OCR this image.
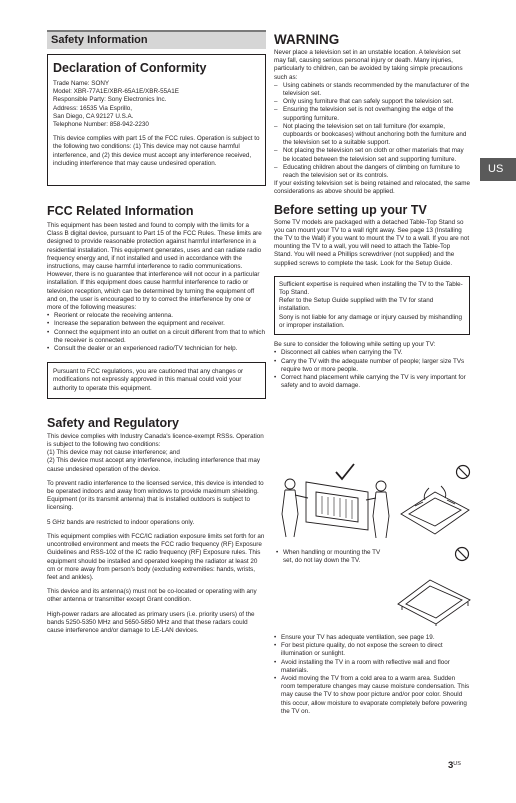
Safety Information
Declaration of Conformity

Trade Name: SONY

Model: XBR-77A1E/XBR-65A1E/XBR-55A1E

Responsible Party: Sony Electronics Inc.

Address: 16535 Via Esprillo,

San Diego, CA 92127 U.S.A.

Telephone Number: 858-942-2230

This device complies with part 15 of the FCC rules. Operation is subject to the following two conditions: (1) This device may not cause harmful interference, and (2) this device must accept any interference received, including interference that may cause undesired operation.

FCC Related Information

This equipment has been tested and found to comply with the limits for a Class B digital device, pursuant to Part 15 of the FCC Rules. These limits are designed to provide reasonable protection against harmful interference in a residential installation. This equipment generates, uses and can radiate radio frequency energy and, if not installed and used in accordance with the instructions, may cause harmful interference to radio communications. However, there is no guarantee that interference will not occur in a particular installation. If this equipment does cause harmful interference to radio or television reception, which can be determined by turning the equipment off and on, the user is encouraged to try to correct the interference by one or more of the following measures:

• Reorient or relocate the receiving antenna.
• Increase the separation between the equipment and receiver.
• Connect the equipment into an outlet on a circuit different from that to which the receiver is connected.
• Consult the dealer or an experienced radio/TV technician for help.

Pursuant to FCC regulations, you are cautioned that any changes or modifications not expressly approved in this manual could void your authority to operate this equipment.

Safety and Regulatory

This device complies with Industry Canada's licence-exempt RSSs. Operation is subject to the following two conditions:

(1) This device may not cause interference; and

(2) This device must accept any interference, including interference that may cause undesired operation of the device.

To prevent radio interference to the licensed service, this device is intended to be operated indoors and away from windows to provide maximum shielding. Equipment (or its transmit antenna) that is installed outdoors is subject to licensing.

5 GHz bands are restricted to indoor operations only.

This equipment complies with FCC/IC radiation exposure limits set forth for an uncontrolled environment and meets the FCC radio frequency (RF) Exposure Guidelines and RSS-102 of the IC radio frequency (RF) Exposure rules. This equipment should be installed and operated keeping the radiator at least 20 cm or more away from person's body (excluding extremities: hands, wrists, feet and ankles).

This device and its antenna(s) must not be co-located or operating with any other antenna or transmitter except Grant condition.

High-power radars are allocated as primary users (i.e. priority users) of the bands 5250-5350 MHz and 5650-5850 MHz and that these radars could cause interference and/or damage to LE-LAN devices.

WARNING

Never place a television set in an unstable location. A television set may fall, causing serious personal injury or death. Many injuries, particularly to children, can be avoided by taking simple precautions such as:

– Using cabinets or stands recommended by the manufacturer of the television set.
– Only using furniture that can safely support the television set.
– Ensuring the television set is not overhanging the edge of the supporting furniture.
– Not placing the television set on tall furniture (for example, cupboards or bookcases) without anchoring both the furniture and the television set to a suitable support.
– Not placing the television set on cloth or other materials that may be located between the television set and supporting furniture.
– Educating children about the dangers of climbing on furniture to reach the television set or its controls.

If your existing television set is being retained and relocated, the same considerations as above should be applied.

Before setting up your TV

Some TV models are packaged with a detached Table-Top Stand so you can mount your TV to a wall right away. See page 13 (Installing the TV to the Wall) if you want to mount the TV to a wall. If you are not mounting the TV to a wall, you will need to attach the Table-Top Stand. You will need a Phillips screwdriver (not supplied) and the supplied screws to complete the task. Look for the Setup Guide.

Sufficient expertise is required when installing the TV to the Table-Top Stand.

Refer to the Setup Guide supplied with the TV for stand installation.

Sony is not liable for any damage or injury caused by mishandling or improper installation.

Be sure to consider the following while setting up your TV:

• Disconnect all cables when carrying the TV.
• Carry the TV with the adequate number of people; larger size TVs require two or more people.
• Correct hand placement while carrying the TV is very important for safety and to avoid damage.
• When handling or mounting the TV set, do not lay down the TV.
• Ensure your TV has adequate ventilation, see page 19.
• For best picture quality, do not expose the screen to direct illumination or sunlight.
• Avoid installing the TV in a room with reflective wall and floor materials.
• Avoid moving the TV from a cold area to a warm area. Sudden room temperature changes may cause moisture condensation. This may cause the TV to show poor picture and/or poor color. Should this occur, allow moisture to evaporate completely before powering the TV on.
US
$3^{US}$
